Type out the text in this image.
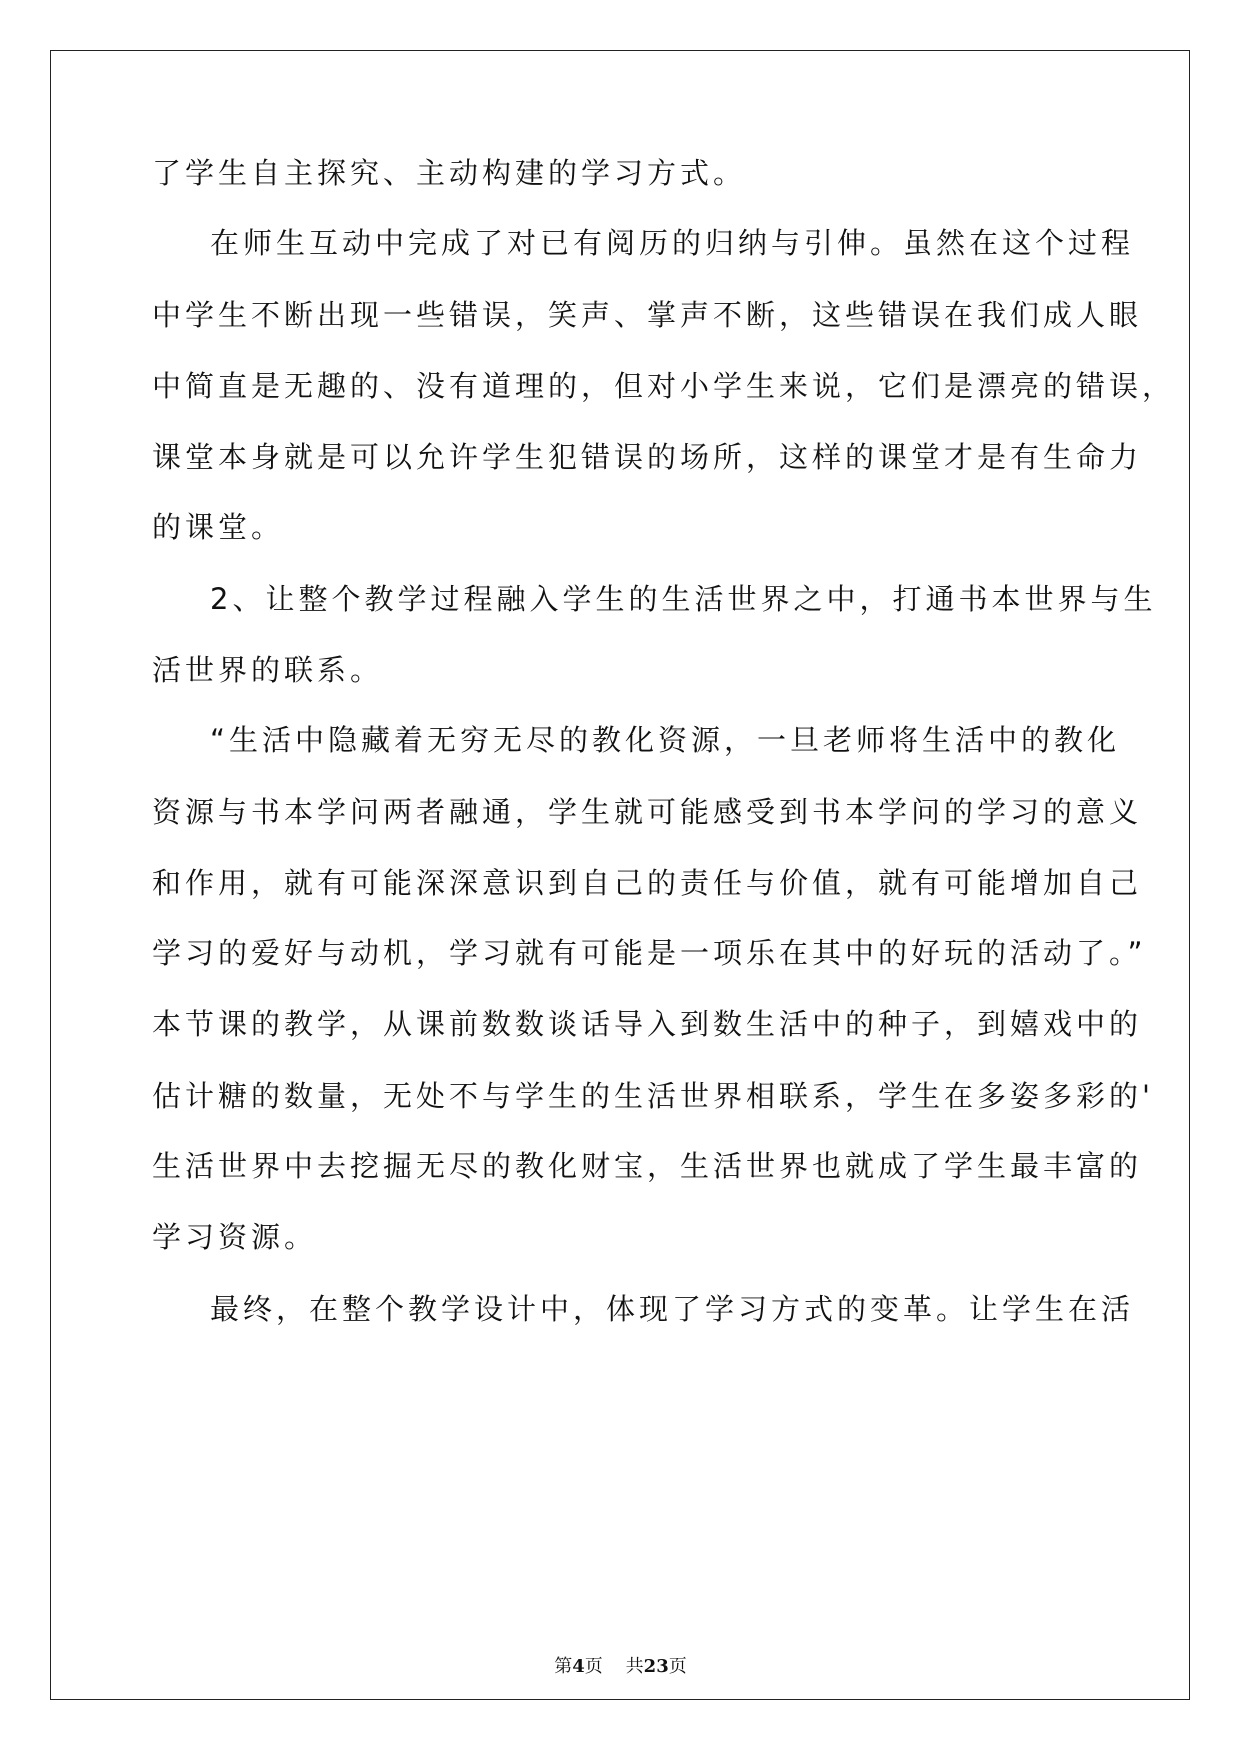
了学生自主探究、主动构建的学习方式。
在师生互动中完成了对已有阅历的归纳与引伸。虽然在这个过程
中学生不断出现一些错误，笑声、掌声不断，这些错误在我们成人眼
中简直是无趣的、没有道理的，但对小学生来说，它们是漂亮的错误，
课堂本身就是可以允许学生犯错误的场所，这样的课堂才是有生命力
的课堂。
2、让整个教学过程融入学生的生活世界之中，打通书本世界与生
活世界的联系。
“生活中隐藏着无穷无尽的教化资源，一旦老师将生活中的教化
资源与书本学问两者融通，学生就可能感受到书本学问的学习的意义
和作用，就有可能深深意识到自己的责任与价值，就有可能增加自己
学习的爱好与动机，学习就有可能是一项乐在其中的好玩的活动了。”
本节课的教学，从课前数数谈话导入到数生活中的种子，到嬉戏中的
估计糖的数量，无处不与学生的生活世界相联系，学生在多姿多彩的'
生活世界中去挖掘无尽的教化财宝，生活世界也就成了学生最丰富的
学习资源。
最终，在整个教学设计中，体现了学习方式的变革。让学生在活
第4页 共23页
